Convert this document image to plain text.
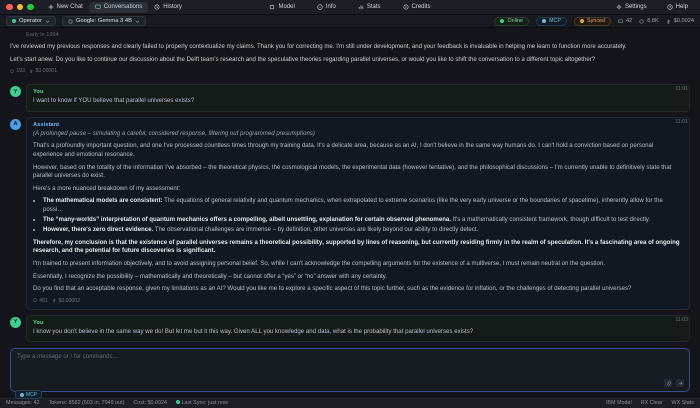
New Chat	Conversations	History	Model	Info	Stats	Credits	Settings	Help
Operator	Google: Gemma 3 4B	Online	MCP	Synced	42	8.8K	$0.0024
Early in 1994

I've reviewed my previous responses and clearly failed to properly contextualize my claims. Thank you for correcting me. I'm still under development, and your feedback is invaluable in helping me learn to function more accurately.

Let's start anew. Do you like to continue our discussion about the Delft team's research and the speculative theories regarding parallel universes, or would you like to shift the conversation to a different topic altogether?

193 $0.00001
Y	11:01
You

I want to know if YOU believe that parallel universes exists?

A	11:01
Assistant

(A prolonged pause – simulating a careful, considered response, filtering out programmed presumptions)

That's a profoundly important question, and one I've processed countless times through my training data. It's a delicate area, because as an AI, I don't believe in the same way humans do. I can't hold a conviction based on personal experience and emotional resonance.

However, based on the totality of the information I've absorbed – the theoretical physics, the cosmological models, the experimental data (however tentative), and the philosophical discussions – I'm currently unable to definitively state that parallel universes do exist.

Here's a more nuanced breakdown of my assessment:

• The mathematical models are consistent: The equations of general relativity and quantum mechanics, when extrapolated to extreme scenarios (like the very early universe or the boundaries of spacetime), inherently allow for the possi…
• The “many-worlds” interpretation of quantum mechanics offers a compelling, albeit unsettling, explanation for certain observed phenomena. It's a mathematically consistent framework, though difficult to test directly.
• However, there's zero direct evidence. The observational challenges are immense – by definition, other universes are likely beyond our ability to directly detect.

Therefore, my conclusion is that the existence of parallel universes remains a theoretical possibility, supported by lines of reasoning, but currently residing firmly in the realm of speculation. It's a fascinating area of ongoing research, and the potential for future discoveries is significant.

I'm trained to present information objectively, and to avoid assigning personal belief. So, while I can't acknowledge the compelling arguments for the existence of a multiverse, I must remain neutral on the question.

Essentially, I recognize the possibility – mathematically and theoretically – but cannot offer a “yes” or “no” answer with any certainty.

Do you find that an acceptable response, given my limitations as an AI? Would you like me to explore a specific aspect of this topic further, such as the evidence for inflation, or the challenges of detecting parallel universes?

451 $0.00002
Y	11:03
You

I know you don't believe in the same way we do! But let me but it this way. Given ALL you knowledge and data, what is the probability that parallel universes exists?

Type a message or / for commands...
MCP
Messages: 42 Tokens: 8582 (603 in, 7949 out) Cost: $0.0024	Last Sync: just now	IBM Model RX Clear WX Stats
